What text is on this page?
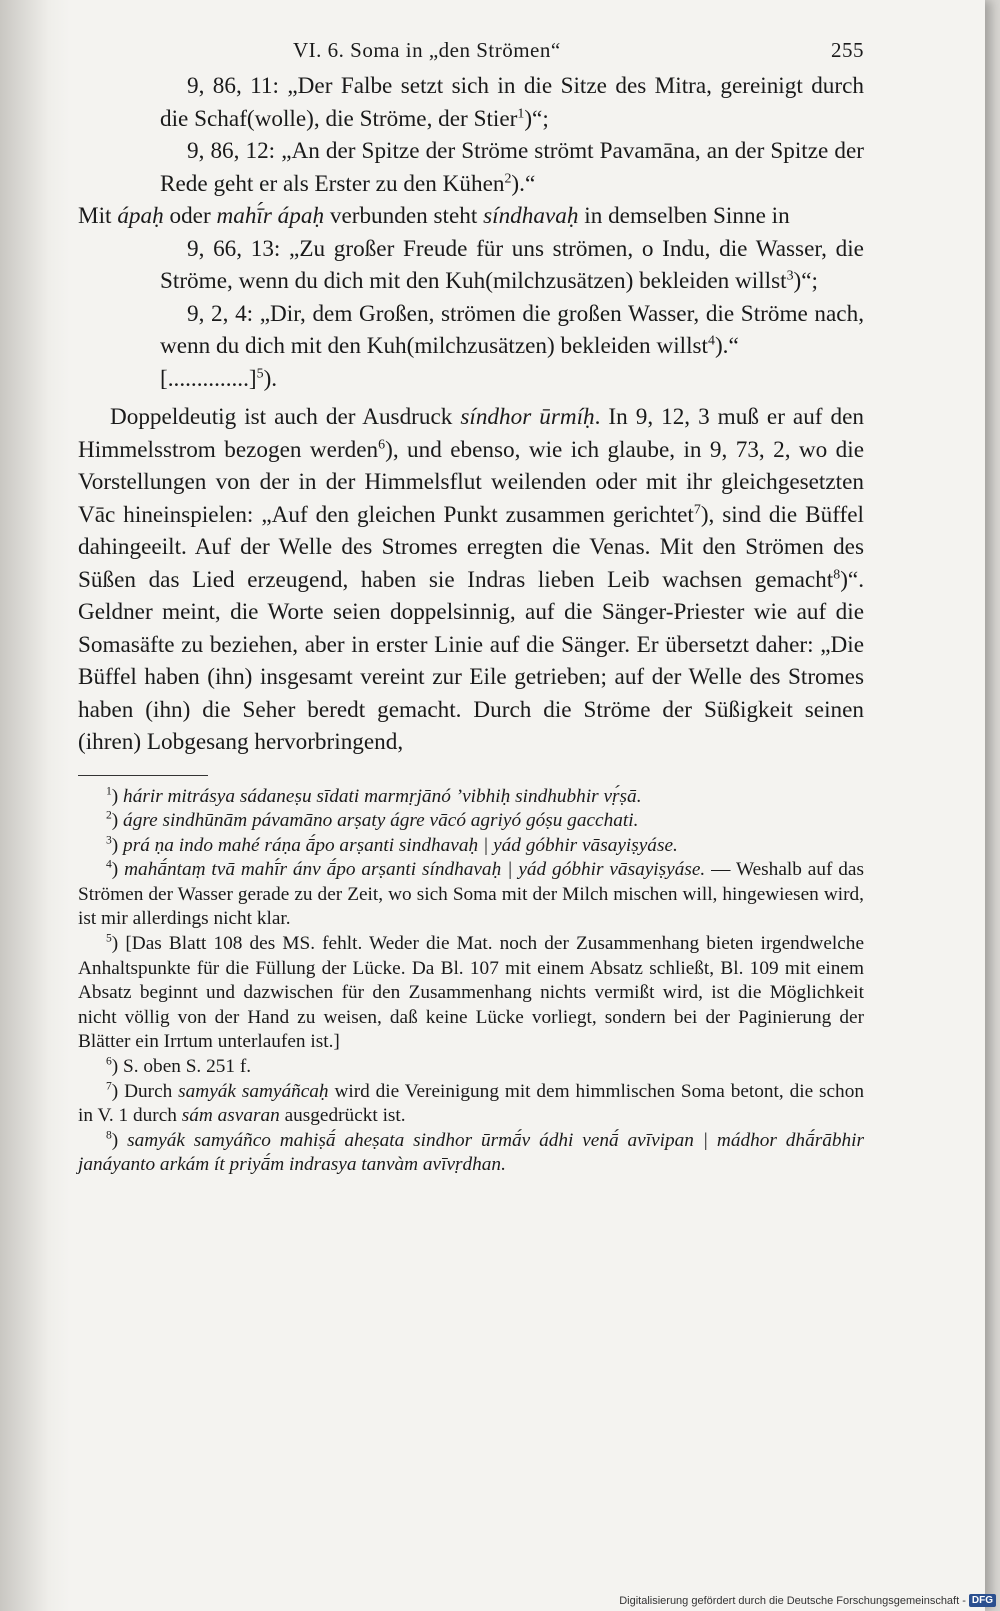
VI. 6. Soma in „den Strömen“	255

9, 86, 11: „Der Falbe setzt sich in die Sitze des Mitra, gereinigt durch die Schaf(wolle), die Ströme, der Stier$^1$)“;

9, 86, 12: „An der Spitze der Ströme strömt Pavamāna, an der Spitze der Rede geht er als Erster zu den Kühen$^2$).“

Mit ápaḥ oder mahī́r ápaḥ verbunden steht síndhavaḥ in demselben Sinne in

9, 66, 13: „Zu großer Freude für uns strömen, o Indu, die Wasser, die Ströme, wenn du dich mit den Kuh(milchzusätzen) bekleiden willst$^3$)“;

9, 2, 4: „Dir, dem Großen, strömen die großen Wasser, die Ströme nach, wenn du dich mit den Kuh(milchzusätzen) bekleiden willst$^4$).“

[..............]$^5$).

Doppeldeutig ist auch der Ausdruck síndhor ūrmíḥ. In 9, 12, 3 muß er auf den Himmelsstrom bezogen werden$^6$), und ebenso, wie ich glaube, in 9, 73, 2, wo die Vorstellungen von der in der Himmelsflut weilenden oder mit ihr gleichgesetzten Vāc hineinspielen: „Auf den gleichen Punkt zusammen gerichtet$^7$), sind die Büffel dahingeeilt. Auf der Welle des Stromes erregten die Venas. Mit den Strömen des Süßen das Lied erzeugend, haben sie Indras lieben Leib wachsen gemacht$^8$)“. Geldner meint, die Worte seien doppelsinnig, auf die Sänger-Priester wie auf die Somasäfte zu beziehen, aber in erster Linie auf die Sänger. Er übersetzt daher: „Die Büffel haben (ihn) insgesamt vereint zur Eile getrieben; auf der Welle des Stromes haben (ihn) die Seher beredt gemacht. Durch die Ströme der Süßigkeit seinen (ihren) Lobgesang hervorbringend,

$^1$) hárir mitrásya sádaneṣu sīdati marmṛjānó ’vibhiḥ sindhubhir vṛ́ṣā.

$^2$) ágre sindhūnām pávamāno arṣaty ágre vācó agriyó góṣu gacchati.

$^3$) prá ṇa indo mahé ráṇa ā́po arṣanti sindhavaḥ | yád góbhir vāsayiṣyáse.

$^4$) mahā́ntaṃ tvā mahī́r ánv ā́po arṣanti síndhavaḥ | yád góbhir vāsayiṣyáse. — Weshalb auf das Strömen der Wasser gerade zu der Zeit, wo sich Soma mit der Milch mischen will, hingewiesen wird, ist mir allerdings nicht klar.

$^5$) [Das Blatt 108 des MS. fehlt. Weder die Mat. noch der Zusammenhang bieten irgendwelche Anhaltspunkte für die Füllung der Lücke. Da Bl. 107 mit einem Absatz schließt, Bl. 109 mit einem Absatz beginnt und dazwischen für den Zusammenhang nichts vermißt wird, ist die Möglichkeit nicht völlig von der Hand zu weisen, daß keine Lücke vorliegt, sondern bei der Paginierung der Blätter ein Irrtum unterlaufen ist.]

$^6$) S. oben S. 251 f.

$^7$) Durch samyák samyáñcaḥ wird die Vereinigung mit dem himmlischen Soma betont, die schon in V. 1 durch sám asvaran ausgedrückt ist.

$^8$) samyák samyáñco mahiṣā́ aheṣata sindhor ūrmā́v ádhi venā́ avīvipan | mádhor dhā́rābhir janáyanto arkám ít priyā́m indrasya tanvàm avīvṛdhan.

Digitalisierung gefördert durch die Deutsche Forschungsgemeinschaft - DFG
